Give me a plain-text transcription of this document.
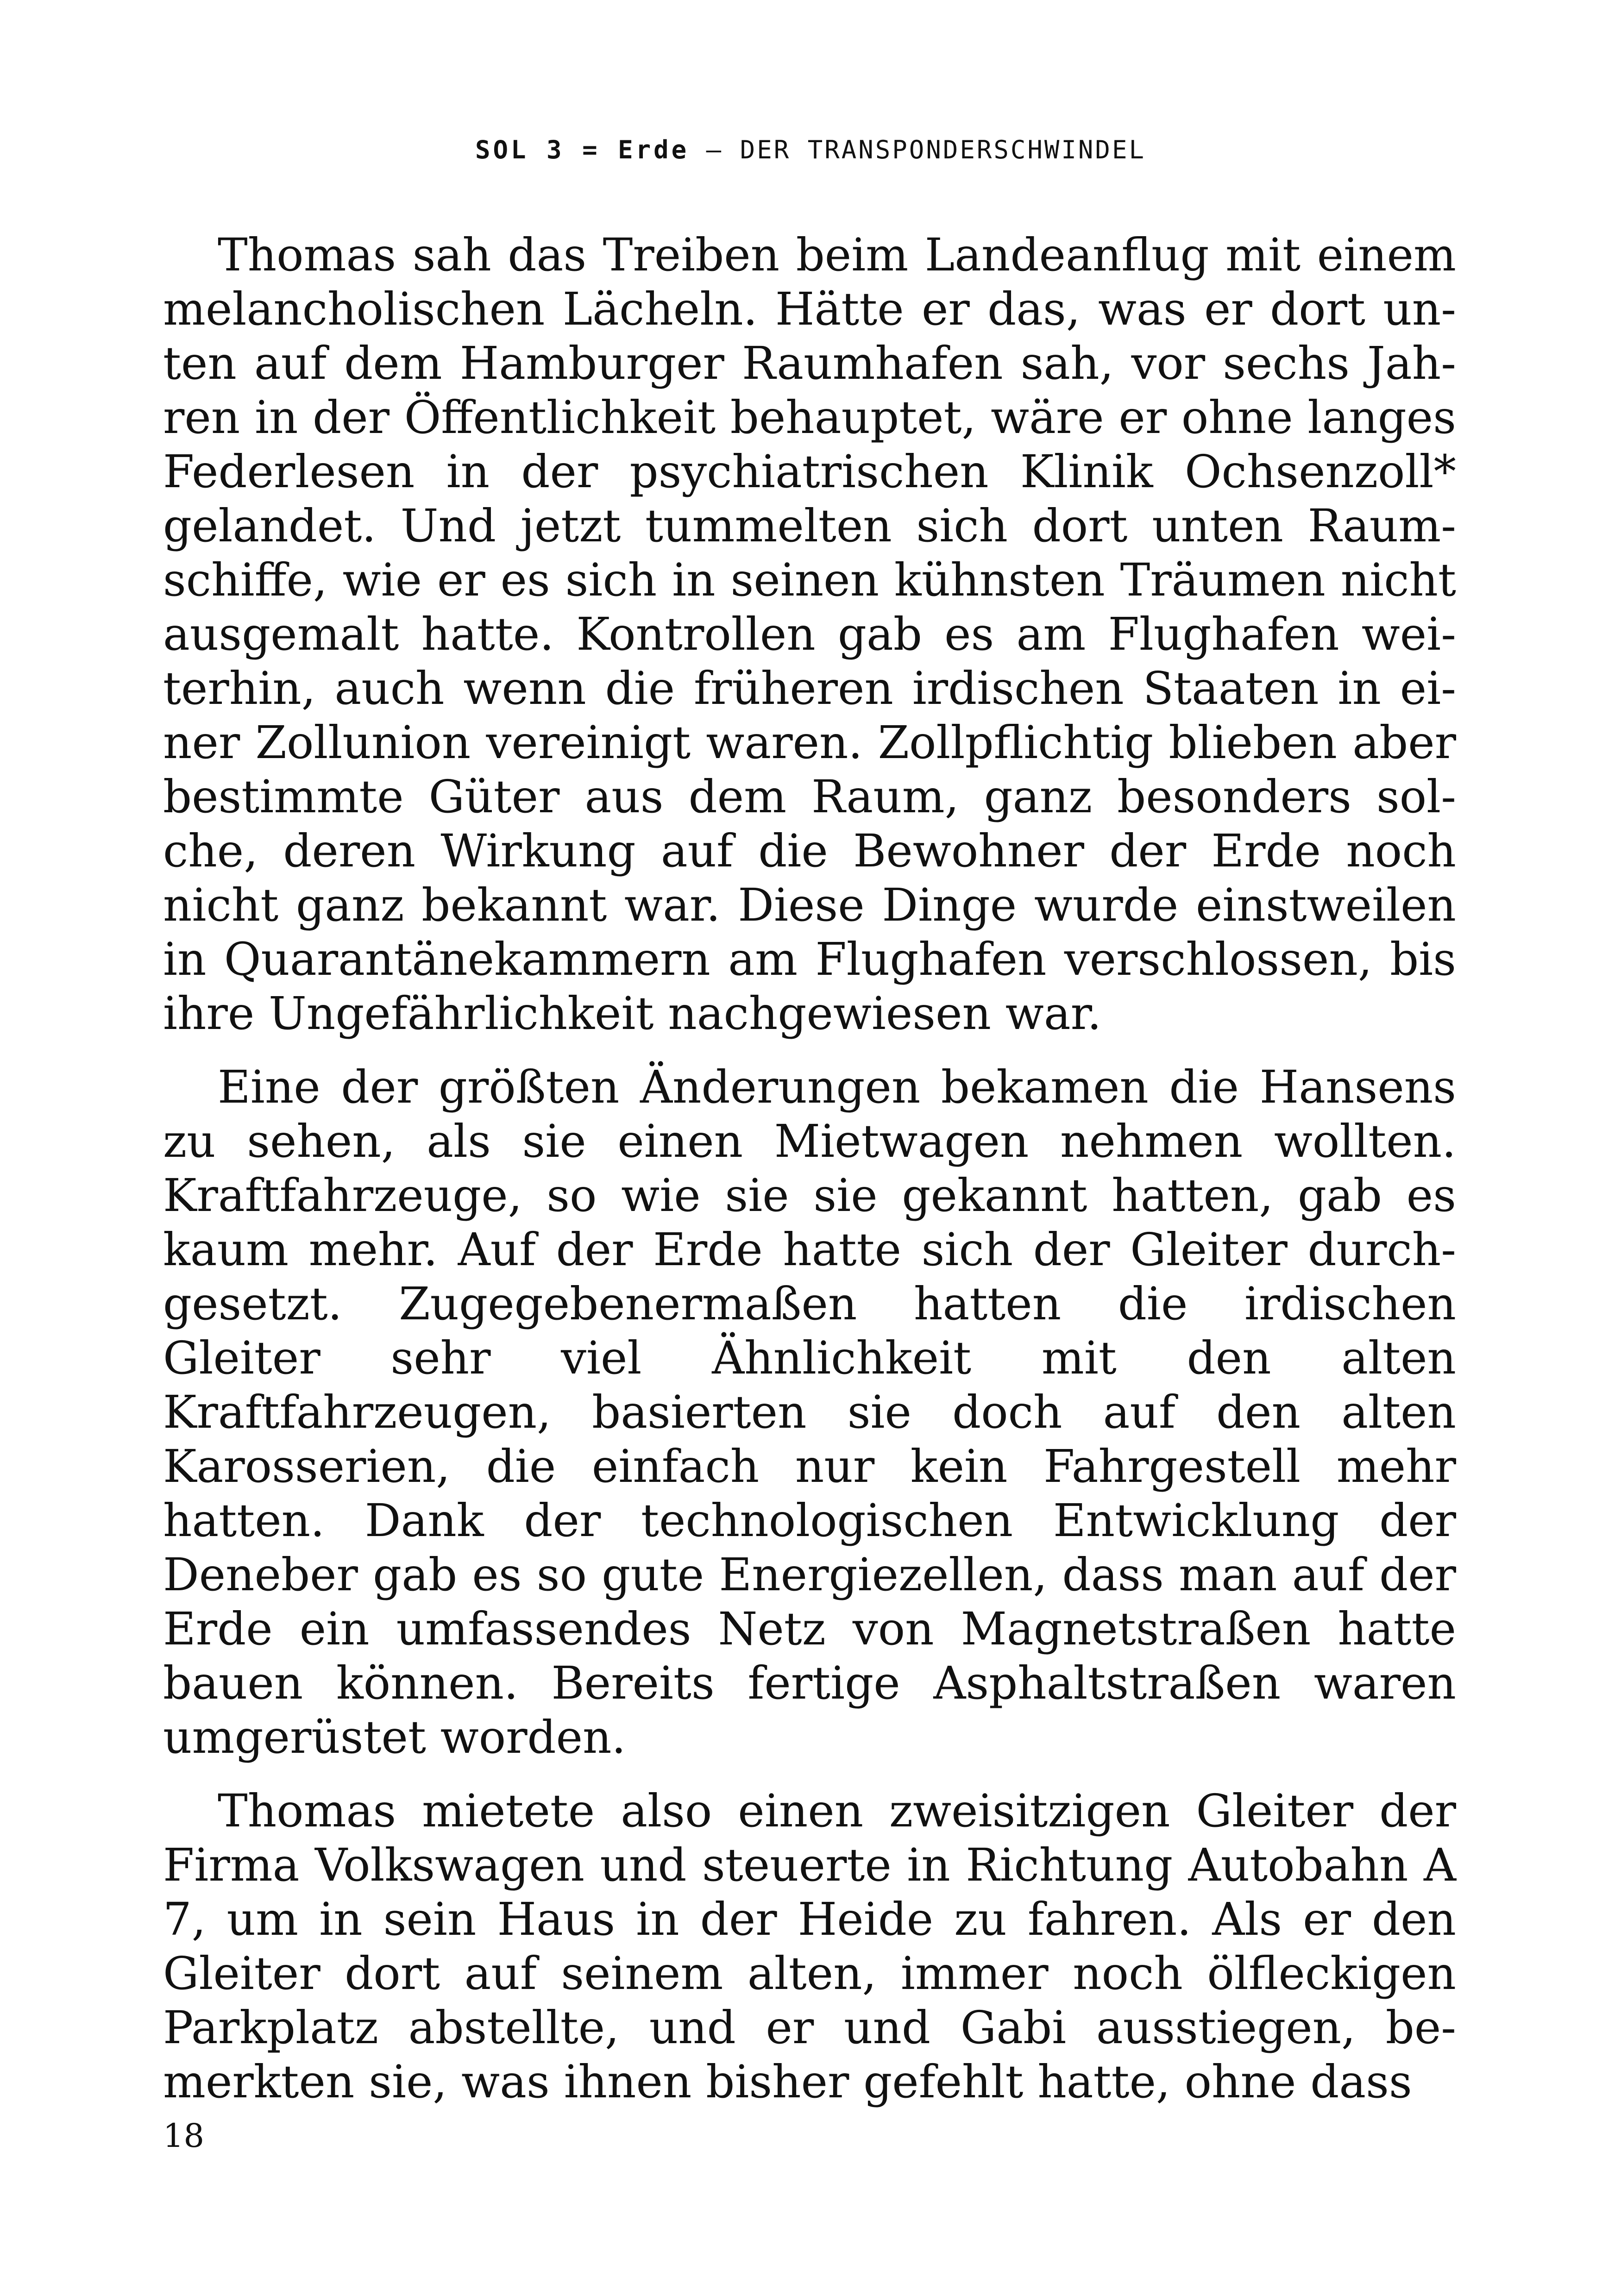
SOL 3 = Erde – DER TRANSPONDERSCHWINDEL

Thomas sah das Treiben beim Landeanflug mit einem melancholischen Lächeln. Hätte er das, was er dort unten auf dem Hamburger Raumhafen sah, vor sechs Jahren in der Öffentlichkeit behauptet, wäre er ohne langes Federlesen in der psychiatrischen Klinik Ochsenzoll* gelandet. Und jetzt tummelten sich dort unten Raumschiffe, wie er es sich in seinen kühnsten Träumen nicht ausgemalt hatte. Kontrollen gab es am Flughafen weiterhin, auch wenn die früheren irdischen Staaten in einer Zollunion vereinigt waren. Zollpflichtig blieben aber bestimmte Güter aus dem Raum, ganz besonders solche, deren Wirkung auf die Bewohner der Erde noch nicht ganz bekannt war. Diese Dinge wurde einstweilen in Quarantänekammern am Flughafen verschlossen, bis ihre Ungefährlichkeit nachgewiesen war.

Eine der größten Änderungen bekamen die Hansens zu sehen, als sie einen Mietwagen nehmen wollten. Kraftfahrzeuge, so wie sie sie gekannt hatten, gab es kaum mehr. Auf der Erde hatte sich der Gleiter durchgesetzt. Zugegebenermaßen hatten die irdischen Gleiter sehr viel Ähnlichkeit mit den alten Kraftfahrzeugen, basierten sie doch auf den alten Karosserien, die einfach nur kein Fahrgestell mehr hatten. Dank der technologischen Entwicklung der Deneber gab es so gute Energiezellen, dass man auf der Erde ein umfassendes Netz von Magnetstraßen hatte bauen können. Bereits fertige Asphaltstraßen waren umgerüstet worden.

Thomas mietete also einen zweisitzigen Gleiter der Firma Volkswagen und steuerte in Richtung Autobahn A 7, um in sein Haus in der Heide zu fahren. Als er den Gleiter dort auf seinem alten, immer noch ölfleckigen Parkplatz abstellte, und er und Gabi ausstiegen, bemerkten sie, was ihnen bisher gefehlt hatte, ohne dass

18
